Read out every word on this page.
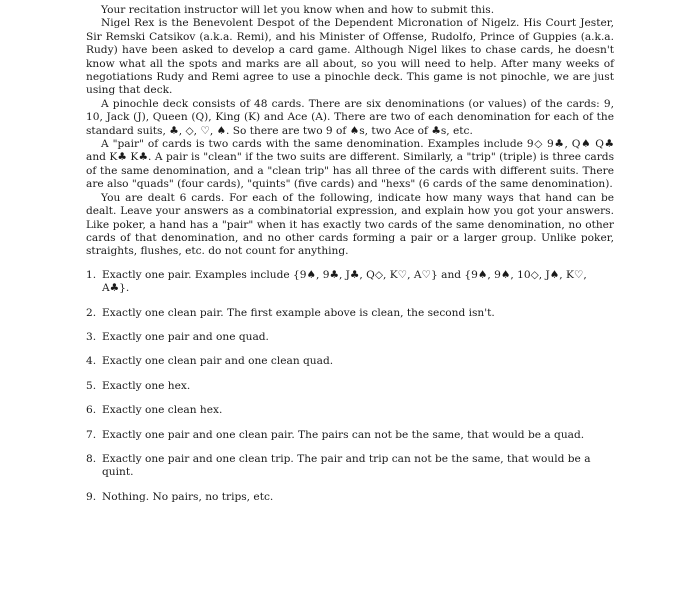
Your recitation instructor will let you know when and how to submit this.

Nigel Rex is the Benevolent Despot of the Dependent Micronation of Nigelz. His Court Jester, Sir Remski Catsikov (a.k.a. Remi), and his Minister of Offense, Rudolfo, Prince of Guppies (a.k.a. Rudy) have been asked to develop a card game. Although Nigel likes to chase cards, he doesn't know what all the spots and marks are all about, so you will need to help. After many weeks of negotiations Rudy and Remi agree to use a pinochle deck. This game is not pinochle, we are just using that deck.

A pinochle deck consists of 48 cards. There are six denominations (or values) of the cards: 9, 10, Jack (J), Queen (Q), King (K) and Ace (A). There are two of each denomination for each of the standard suits, ♣, ◇, ♡, ♠. So there are two 9 of ♠s, two Ace of ♣s, etc.

A "pair" of cards is two cards with the same denomination. Examples include 9◇ 9♣, Q♠ Q♣ and K♣ K♣. A pair is "clean" if the two suits are different. Similarly, a "trip" (triple) is three cards of the same denomination, and a "clean trip" has all three of the cards with different suits. There are also "quads" (four cards), "quints" (five cards) and "hexs" (6 cards of the same denomination).

You are dealt 6 cards. For each of the following, indicate how many ways that hand can be dealt. Leave your answers as a combinatorial expression, and explain how you got your answers. Like poker, a hand has a "pair" when it has exactly two cards of the same denomination, no other cards of that denomination, and no other cards forming a pair or a larger group. Unlike poker, straights, flushes, etc. do not count for anything.

1. Exactly one pair. Examples include {9♠, 9♣, J♣, Q◇, K♡, A♡} and {9♠, 9♠, 10◇, J♠, K♡, A♣}.
2. Exactly one clean pair. The first example above is clean, the second isn't.
3. Exactly one pair and one quad.
4. Exactly one clean pair and one clean quad.
5. Exactly one hex.
6. Exactly one clean hex.
7. Exactly one pair and one clean pair. The pairs can not be the same, that would be a quad.
8. Exactly one pair and one clean trip. The pair and trip can not be the same, that would be a quint.
9. Nothing. No pairs, no trips, etc.
